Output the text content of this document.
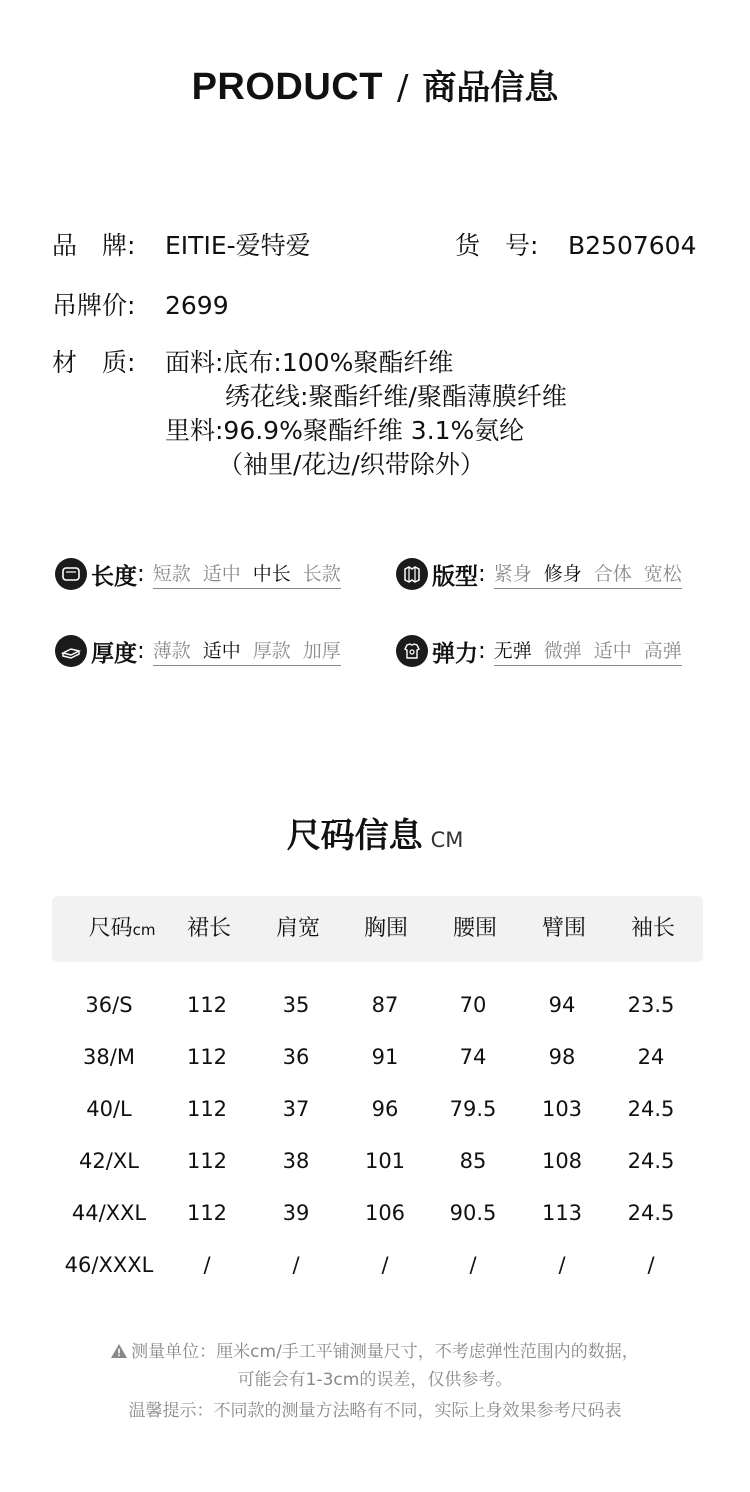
PRODUCT / 商品信息
品　牌: EITIE-爱特爱	货　号: B2507604
吊牌价: 2699
材　质: 面料:底布:100%聚酯纤维
绣花线:聚酯纤维/聚酯薄膜纤维
里料:96.9%聚酯纤维 3.1%氨纶
（袖里/花边/织带除外）
长度 : 短款 适中 中长 长款	版型 : 紧身 修身 合体 宽松
厚度 : 薄款 适中 厚款 加厚	弹力 : 无弹 微弹 适中 高弹
尺码信息 CM
尺码cm	裙长	肩宽	胸围	腰围	臂围	袖长
36/S	112	35	87	70	94	23.5
38/M	112	36	91	74	98	24
40/L	112	37	96	79.5	103	24.5
42/XL	112	38	101	85	108	24.5
44/XXL	112	39	106	90.5	113	24.5
46/XXXL	/	/	/	/	/	/
测量单位：厘米cm/手工平铺测量尺寸，不考虑弹性范围内的数据，
可能会有1-3cm的误差，仅供参考。
温馨提示：不同款的测量方法略有不同，实际上身效果参考尺码表
